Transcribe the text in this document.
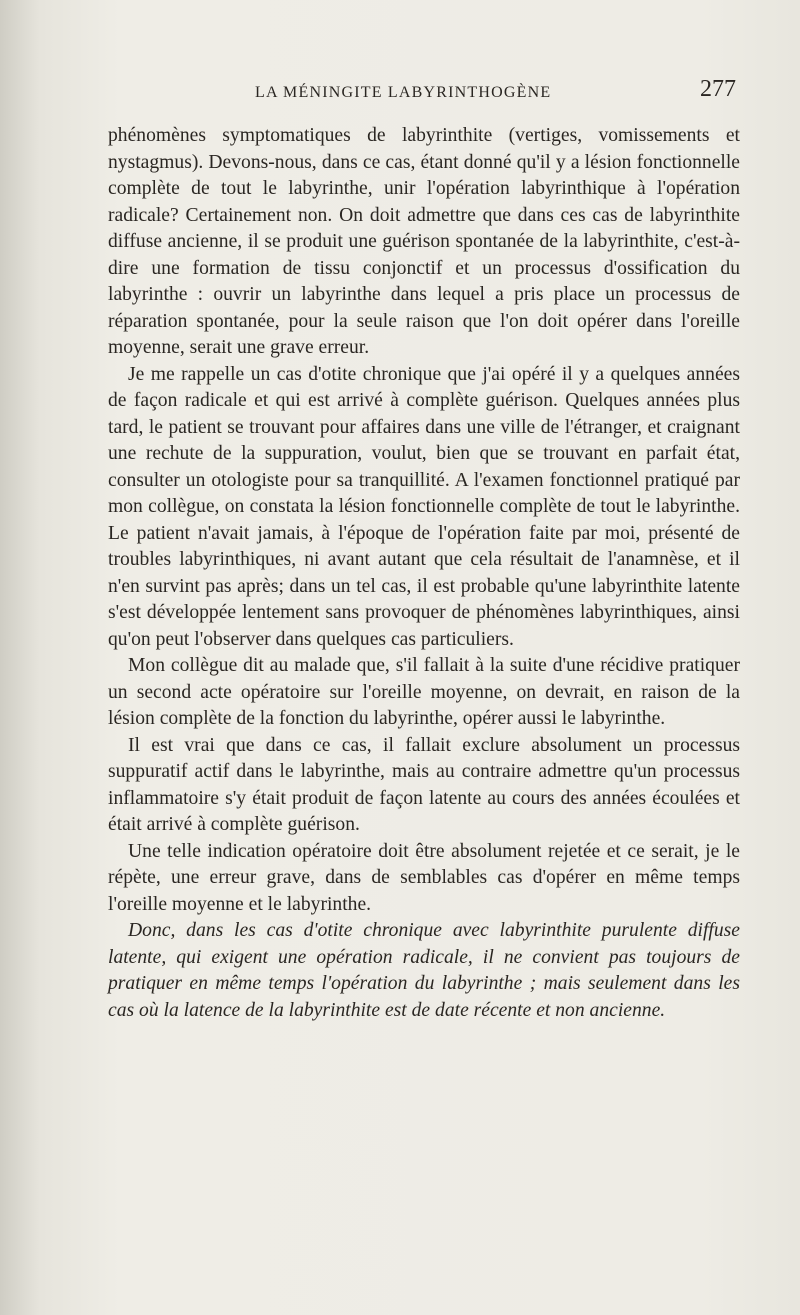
LA MÉNINGITE LABYRINTHOGÈNE	277

phénomènes symptomatiques de labyrinthite (vertiges, vomissements et nystagmus). Devons-nous, dans ce cas, étant donné qu'il y a lésion fonctionnelle complète de tout le labyrinthe, unir l'opération labyrinthique à l'opération radicale? Certainement non. On doit admettre que dans ces cas de labyrinthite diffuse ancienne, il se produit une guérison spontanée de la labyrinthite, c'est-à-dire une formation de tissu conjonctif et un processus d'ossification du labyrinthe : ouvrir un labyrinthe dans lequel a pris place un processus de réparation spontanée, pour la seule raison que l'on doit opérer dans l'oreille moyenne, serait une grave erreur.

Je me rappelle un cas d'otite chronique que j'ai opéré il y a quelques années de façon radicale et qui est arrivé à complète guérison. Quelques années plus tard, le patient se trouvant pour affaires dans une ville de l'étranger, et craignant une rechute de la suppuration, voulut, bien que se trouvant en parfait état, consulter un otologiste pour sa tranquillité. A l'examen fonctionnel pratiqué par mon collègue, on constata la lésion fonctionnelle complète de tout le labyrinthe. Le patient n'avait jamais, à l'époque de l'opération faite par moi, présenté de troubles labyrinthiques, ni avant autant que cela résultait de l'anamnèse, et il n'en survint pas après; dans un tel cas, il est probable qu'une labyrinthite latente s'est développée lentement sans provoquer de phénomènes labyrinthiques, ainsi qu'on peut l'observer dans quelques cas particuliers.

Mon collègue dit au malade que, s'il fallait à la suite d'une récidive pratiquer un second acte opératoire sur l'oreille moyenne, on devrait, en raison de la lésion complète de la fonction du labyrinthe, opérer aussi le labyrinthe.

Il est vrai que dans ce cas, il fallait exclure absolument un processus suppuratif actif dans le labyrinthe, mais au contraire admettre qu'un processus inflammatoire s'y était produit de façon latente au cours des années écoulées et était arrivé à complète guérison.

Une telle indication opératoire doit être absolument rejetée et ce serait, je le répète, une erreur grave, dans de semblables cas d'opérer en même temps l'oreille moyenne et le labyrinthe.

Donc, dans les cas d'otite chronique avec labyrinthite purulente diffuse latente, qui exigent une opération radicale, il ne convient pas toujours de pratiquer en même temps l'opération du labyrinthe ; mais seulement dans les cas où la latence de la labyrinthite est de date récente et non ancienne.
